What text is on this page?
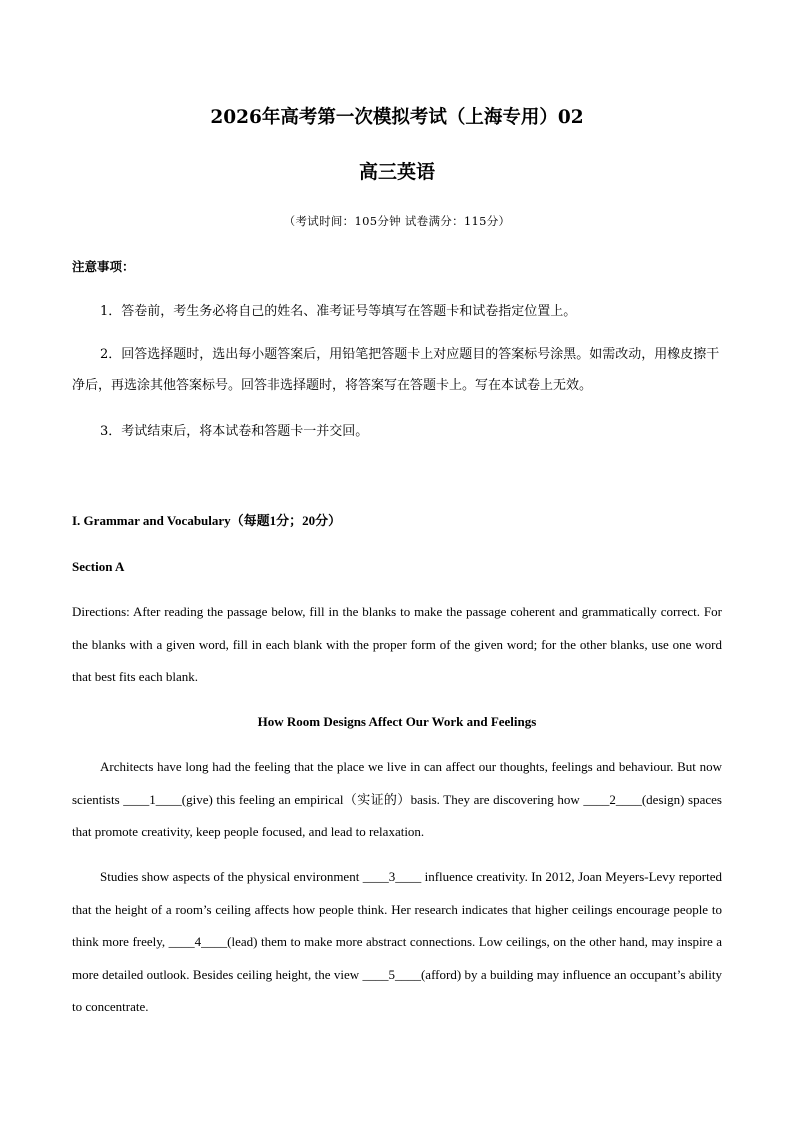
2026年高考第一次模拟考试（上海专用）02
高三英语
（考试时间：105分钟 试卷满分：115分）
注意事项：

1．答卷前，考生务必将自己的姓名、准考证号等填写在答题卡和试卷指定位置上。

2．回答选择题时，选出每小题答案后，用铅笔把答题卡上对应题目的答案标号涂黑。如需改动，用橡皮擦干净后，再选涂其他答案标号。回答非选择题时，将答案写在答题卡上。写在本试卷上无效。

3．考试结束后，将本试卷和答题卡一并交回。

I. Grammar and Vocabulary（每题1分；20分）
Section A

Directions: After reading the passage below, fill in the blanks to make the passage coherent and grammatically correct. For the blanks with a given word, fill in each blank with the proper form of the given word; for the other blanks, use one word that best fits each blank.

How Room Designs Affect Our Work and Feelings

Architects have long had the feeling that the place we live in can affect our thoughts, feelings and behaviour. But now scientists ____1____(give) this feeling an empirical（实证的）basis. They are discovering how ____2____(design) spaces that promote creativity, keep people focused, and lead to relaxation.

Studies show aspects of the physical environment ____3____ influence creativity. In 2012, Joan Meyers-Levy reported that the height of a room’s ceiling affects how people think. Her research indicates that higher ceilings encourage people to think more freely, ____4____(lead) them to make more abstract connections. Low ceilings, on the other hand, may inspire a more detailed outlook. Besides ceiling height, the view ____5____(afford) by a building may influence an occupant’s ability to concentrate.
